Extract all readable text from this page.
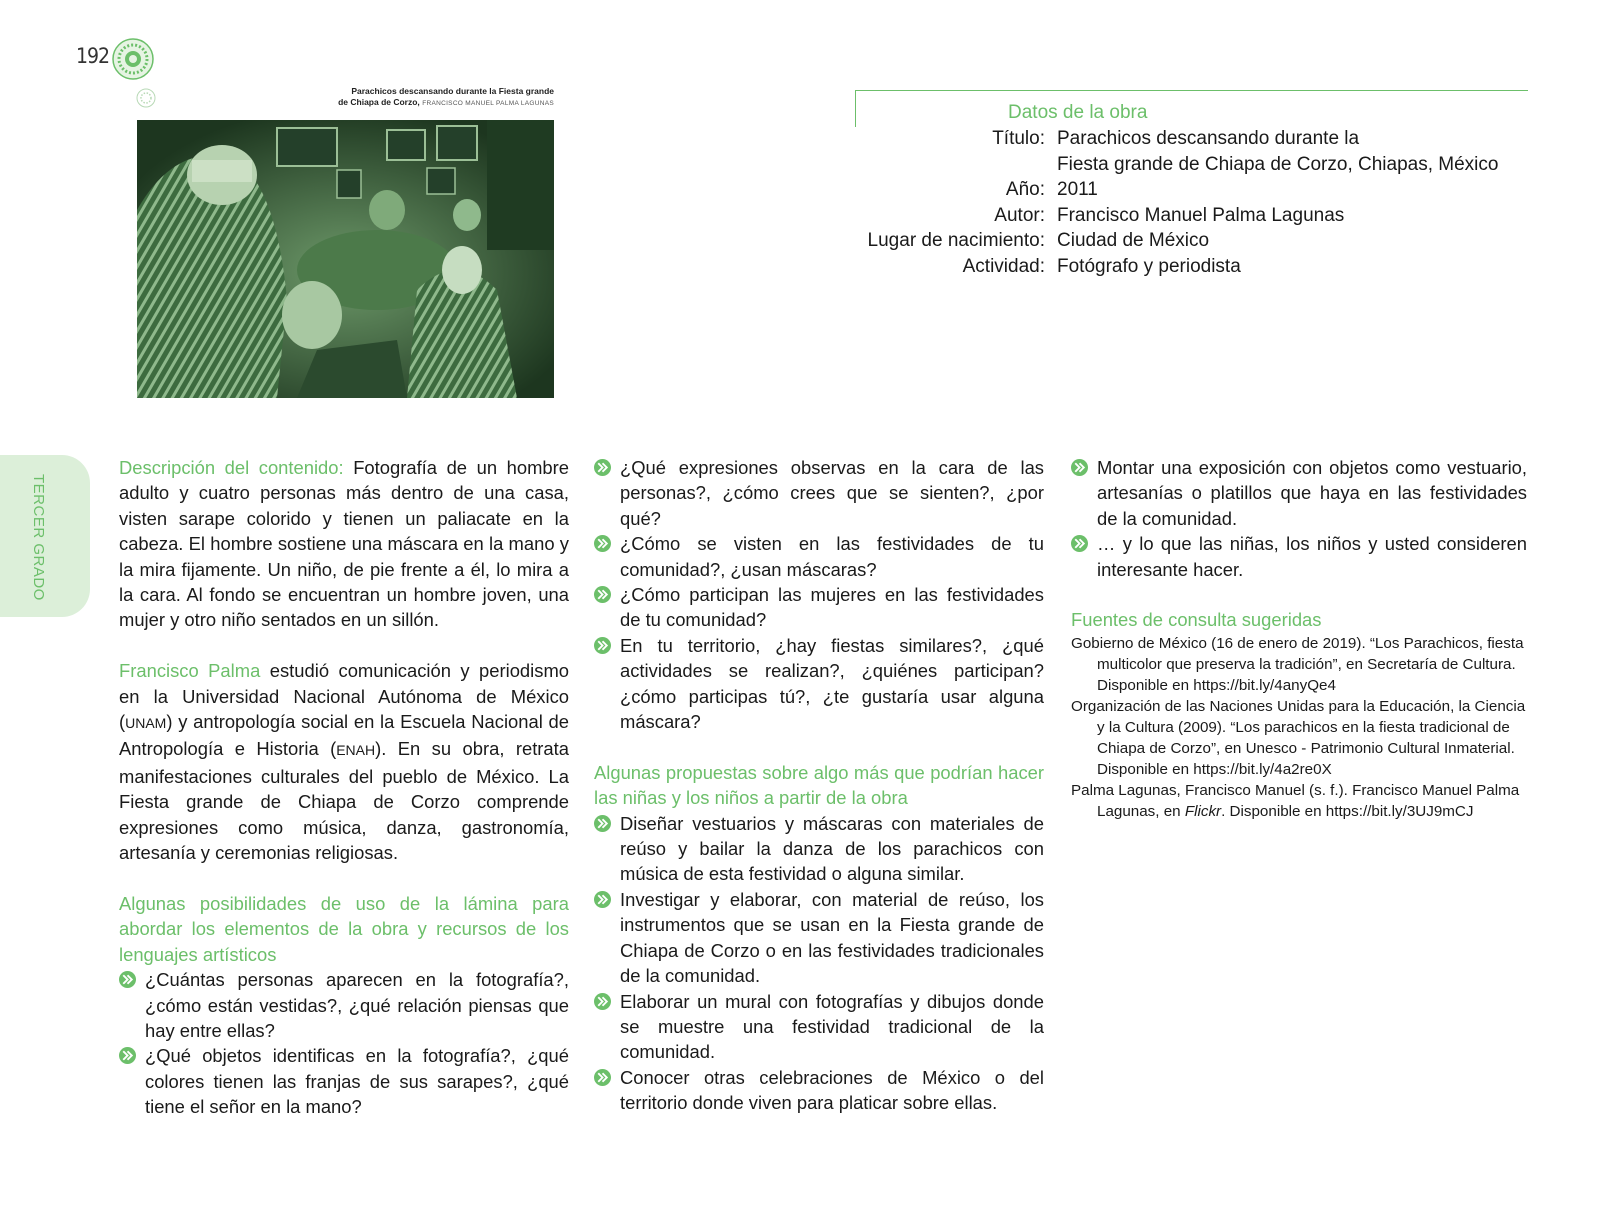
192
Parachicos descansando durante la Fiesta grande
de Chiapa de Corzo, FRANCISCO MANUEL PALMA LAGUNAS	Datos de la obra
Título: Parachicos descansando durante la
Fiesta grande de Chiapa de Corzo, Chiapas, México
Año: 2011
Autor: Francisco Manuel Palma Lagunas
Lugar de nacimiento: Ciudad de México
Actividad: Fotógrafo y periodista
TERCER GRADO

Descripción del contenido: Fotografía de un hombre adulto y cuatro personas más dentro de una casa, visten sarape colorido y tienen un paliacate en la cabeza. El hombre sostiene una máscara en la mano y la mira fijamente. Un niño, de pie frente a él, lo mira a la cara. Al fondo se encuentran un hombre joven, una mujer y otro niño sentados en un sillón.

Francisco Palma estudió comunicación y periodismo en la Universidad Nacional Autónoma de México (UNAM) y antropología social en la Escuela Nacional de Antropología e Historia (ENAH). En su obra, retrata manifestaciones culturales del pueblo de México. La Fiesta grande de Chiapa de Corzo comprende expresiones como música, danza, gastronomía, artesanía y ceremonias religiosas.

Algunas posibilidades de uso de la lámina para abordar los elementos de la obra y recursos de los lenguajes artísticos

¿Cuántas personas aparecen en la fotografía?, ¿cómo están vestidas?, ¿qué relación piensas que hay entre ellas?
¿Qué objetos identificas en la fotografía?, ¿qué colores tienen las franjas de sus sarapes?, ¿qué tiene el señor en la mano?
¿Qué expresiones observas en la cara de las personas?, ¿cómo crees que se sienten?, ¿por qué?
¿Cómo se visten en las festividades de tu comunidad?, ¿usan máscaras?
¿Cómo participan las mujeres en las festividades de tu comunidad?
En tu territorio, ¿hay fiestas similares?, ¿qué actividades se realizan?, ¿quiénes participan? ¿cómo participas tú?, ¿te gustaría usar alguna máscara?

Algunas propuestas sobre algo más que podrían hacer las niñas y los niños a partir de la obra

Diseñar vestuarios y máscaras con materiales de reúso y bailar la danza de los parachicos con música de esta festividad o alguna similar.
Investigar y elaborar, con material de reúso, los instrumentos que se usan en la Fiesta grande de Chiapa de Corzo o en las festividades tradicionales de la comunidad.
Elaborar un mural con fotografías y dibujos donde se muestre una festividad tradicional de la comunidad.
Conocer otras celebraciones de México o del territorio donde viven para platicar sobre ellas.
Montar una exposición con objetos como vestuario, artesanías o platillos que haya en las festividades de la comunidad.
… y lo que las niñas, los niños y usted consideren interesante hacer.

Fuentes de consulta sugeridas

Gobierno de México (16 de enero de 2019). “Los Parachicos, fiesta multicolor que preserva la tradición”, en Secretaría de Cultura. Disponible en https://bit.ly/4anyQe4

Organización de las Naciones Unidas para la Educación, la Ciencia y la Cultura (2009). “Los parachicos en la fiesta tradicional de Chiapa de Corzo”, en Unesco - Patrimonio Cultural Inmaterial. Disponible en https://bit.ly/4a2re0X

Palma Lagunas, Francisco Manuel (s. f.). Francisco Manuel Palma Lagunas, en Flickr. Disponible en https://bit.ly/3UJ9mCJ
